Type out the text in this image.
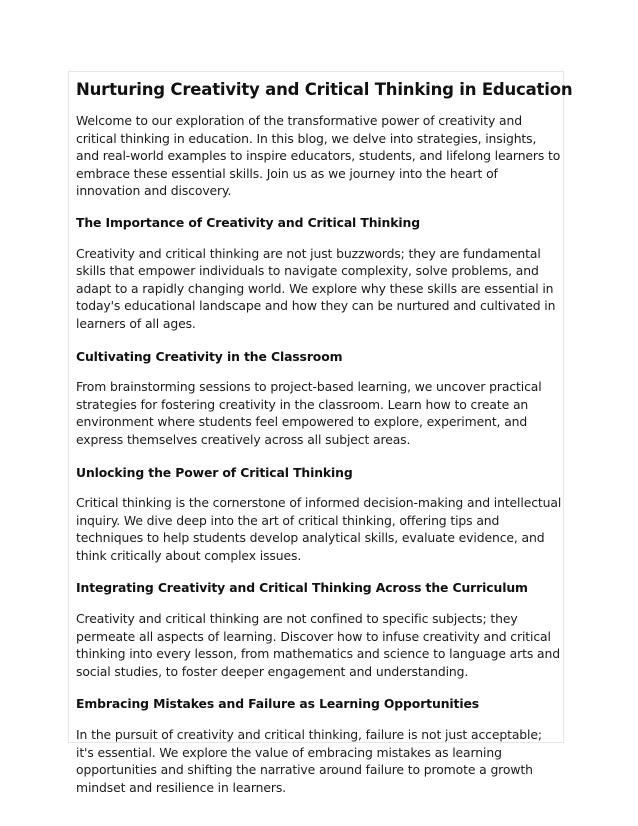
Nurturing Creativity and Critical Thinking in Education

Welcome to our exploration of the transformative power of creativity and critical thinking in education. In this blog, we delve into strategies, insights, and real-world examples to inspire educators, students, and lifelong learners to embrace these essential skills. Join us as we journey into the heart of innovation and discovery.

The Importance of Creativity and Critical Thinking

Creativity and critical thinking are not just buzzwords; they are fundamental skills that empower individuals to navigate complexity, solve problems, and adapt to a rapidly changing world. We explore why these skills are essential in today's educational landscape and how they can be nurtured and cultivated in learners of all ages.

Cultivating Creativity in the Classroom

From brainstorming sessions to project-based learning, we uncover practical strategies for fostering creativity in the classroom. Learn how to create an environment where students feel empowered to explore, experiment, and express themselves creatively across all subject areas.

Unlocking the Power of Critical Thinking

Critical thinking is the cornerstone of informed decision-making and intellectual inquiry. We dive deep into the art of critical thinking, offering tips and techniques to help students develop analytical skills, evaluate evidence, and think critically about complex issues.

Integrating Creativity and Critical Thinking Across the Curriculum

Creativity and critical thinking are not confined to specific subjects; they permeate all aspects of learning. Discover how to infuse creativity and critical thinking into every lesson, from mathematics and science to language arts and social studies, to foster deeper engagement and understanding.

Embracing Mistakes and Failure as Learning Opportunities

In the pursuit of creativity and critical thinking, failure is not just acceptable; it's essential. We explore the value of embracing mistakes as learning opportunities and shifting the narrative around failure to promote a growth mindset and resilience in learners.
